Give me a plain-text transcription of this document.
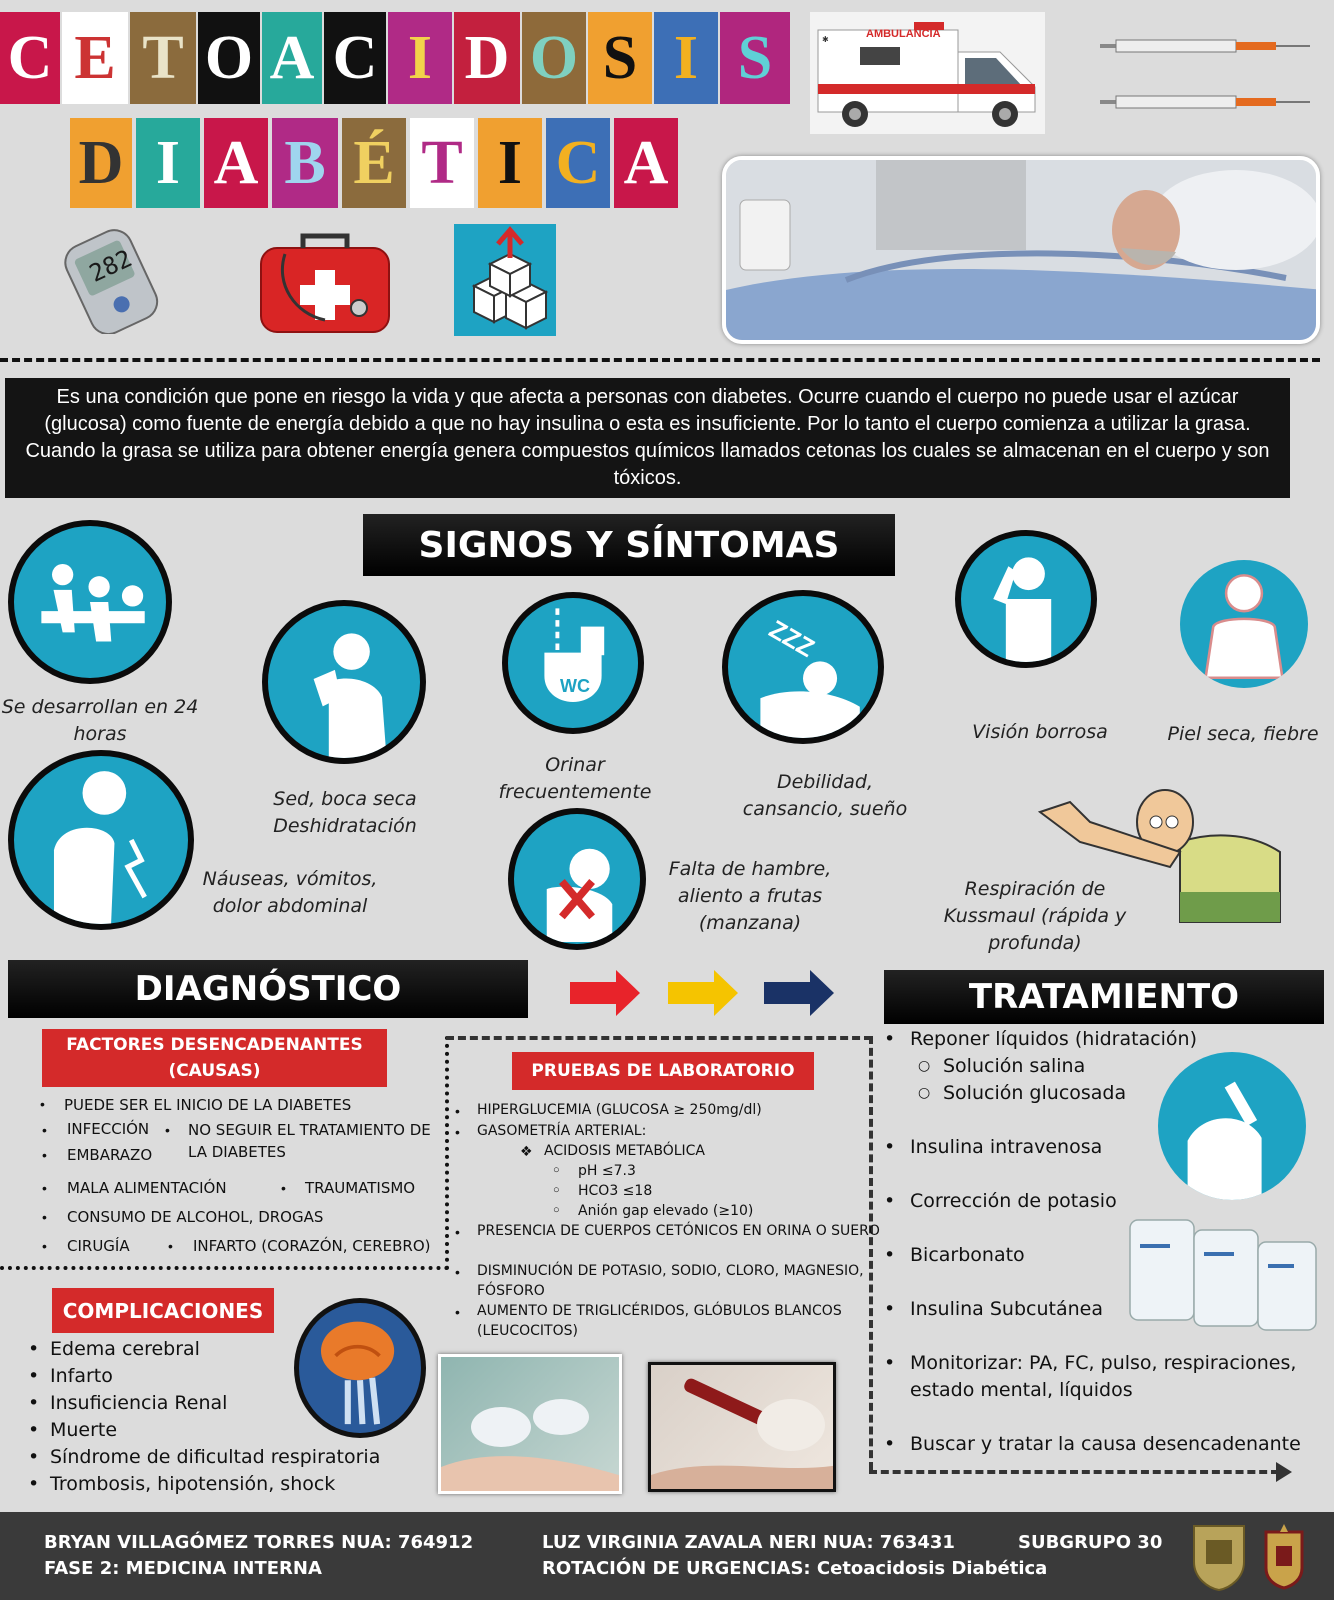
C E T O A C I D O S I S
D I A B É T I C A
✱	AMBULANCIA
282
Es una condición que pone en riesgo la vida y que afecta a personas con diabetes. Ocurre cuando el cuerpo no puede usar el azúcar (glucosa) como fuente de energía debido a que no hay insulina o esta es insuficiente. Por lo tanto el cuerpo comienza a utilizar la grasa. Cuando la grasa se utiliza para obtener energía genera compuestos químicos llamados cetonas los cuales se almacenan en el cuerpo y son tóxicos.
SIGNOS Y SÍNTOMAS
Se desarrollan en 24
horas
Sed, boca seca
Deshidratación
WC
Orinar
frecuentemente
ZZZ
Debilidad,
cansancio, sueño
Visión borrosa	Piel seca, fiebre
Náuseas, vómitos,
dolor abdominal
Falta de hambre,
aliento a frutas
(manzana)
Respiración de
Kussmaul (rápida y
profunda)
DIAGNÓSTICO	TRATAMIENTO
FACTORES DESENCADENANTES
(CAUSAS)
• PUEDE SER EL INICIO DE LA DIABETES
• INFECCIÓN • NO SEGUIR EL TRATAMIENTO DE
LA DIABETES
• EMBARAZO
• MALA ALIMENTACIÓN	• TRAUMATISMO
• CONSUMO DE ALCOHOL, DROGAS
• CIRUGÍA	• INFARTO (CORAZÓN, CEREBRO)
PRUEBAS DE LABORATORIO
• HIPERGLUCEMIA (GLUCOSA ≥ 250mg/dl)
• GASOMETRÍA ARTERIAL:
❖ ACIDOSIS METABÓLICA
○ pH ≤7.3
○ HCO3 ≤18
○ Anión gap elevado (≥10)
• PRESENCIA DE CUERPOS CETÓNICOS EN ORINA O SUERO
• DISMINUCIÓN DE POTASIO, SODIO, CLORO, MAGNESIO,
FÓSFORO
• AUMENTO DE TRIGLICÉRIDOS, GLÓBULOS BLANCOS
(LEUCOCITOS)
COMPLICACIONES
• Edema cerebral
• Infarto
• Insuficiencia Renal
• Muerte
• Síndrome de dificultad respiratoria
• Trombosis, hipotensión, shock
• Reponer líquidos (hidratación)
○ Solución salina
○ Solución glucosada
• Insulina intravenosa
• Corrección de potasio
• Bicarbonato
• Insulina Subcutánea
• Monitorizar: PA, FC, pulso, respiraciones,
estado mental, líquidos
• Buscar y tratar la causa desencadenante
BRYAN VILLAGÓMEZ TORRES NUA: 764912
FASE 2: MEDICINA INTERNA
LUZ VIRGINIA ZAVALA NERI NUA: 763431
ROTACIÓN DE URGENCIAS: Cetoacidosis Diabética
SUBGRUPO 30
